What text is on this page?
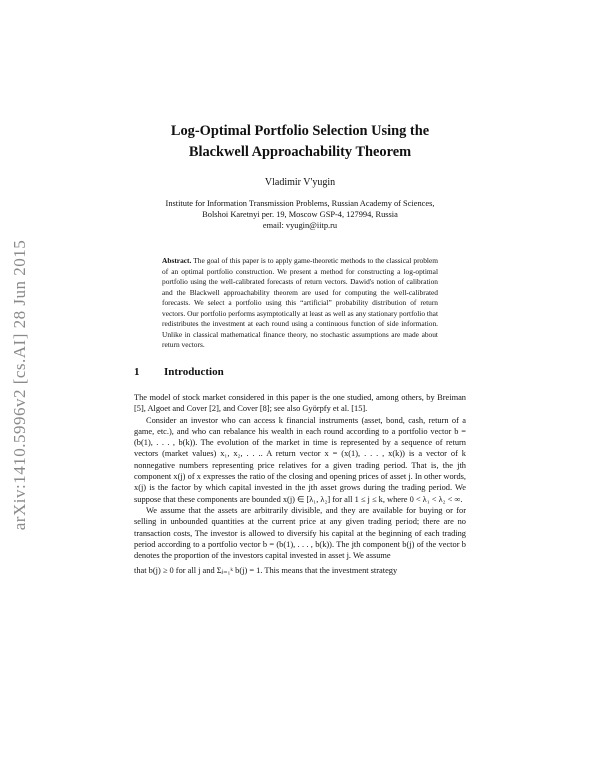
arXiv:1410.5996v2 [cs.AI] 28 Jun 2015
Log-Optimal Portfolio Selection Using the
Blackwell Approachability Theorem
Vladimir V'yugin
Institute for Information Transmission Problems, Russian Academy of Sciences,
Bolshoi Karetnyi per. 19, Moscow GSP-4, 127994, Russia
email: vyugin@iitp.ru
Abstract. The goal of this paper is to apply game-theoretic methods to the classical problem of an optimal portfolio construction. We present a method for constructing a log-optimal portfolio using the well-calibrated forecasts of return vectors. Dawid's notion of calibration and the Blackwell approachability theorem are used for computing the well-calibrated forecasts. We select a portfolio using this “artificial” probability distribution of return vectors. Our portfolio performs asymptotically at least as well as any stationary portfolio that redistributes the investment at each round using a continuous function of side information. Unlike in classical mathematical finance theory, no stochastic assumptions are made about return vectors.
1 Introduction

The model of stock market considered in this paper is the one studied, among others, by Breiman [5], Algoet and Cover [2], and Cover [8]; see also Györpfy et al. [15].

Consider an investor who can access k financial instruments (asset, bond, cash, return of a game, etc.), and who can rebalance his wealth in each round according to a portfolio vector b = (b(1), . . . , b(k)). The evolution of the market in time is represented by a sequence of return vectors (market values) x₁, x₂, . . .. A return vector x = (x(1), . . . , x(k)) is a vector of k nonnegative numbers representing price relatives for a given trading period. That is, the jth component x(j) of x expresses the ratio of the closing and opening prices of asset j. In other words, x(j) is the factor by which capital invested in the jth asset grows during the trading period. We suppose that these components are bounded x(j) ∈ [λ₁, λ₂] for all 1 ≤ j ≤ k, where 0 < λ₁ < λ₂ < ∞.

We assume that the assets are arbitrarily divisible, and they are available for buying or for selling in unbounded quantities at the current price at any given trading period; there are no transaction costs, The investor is allowed to diversify his capital at the beginning of each trading period according to a portfolio vector b = (b(1), . . . , b(k)). The jth component b(j) of the vector b denotes the proportion of the investors capital invested in asset j. We assume

that b(j) ≥ 0 for all j and Σⱼ₌₁ᵏ b(j) = 1. This means that the investment strategy
